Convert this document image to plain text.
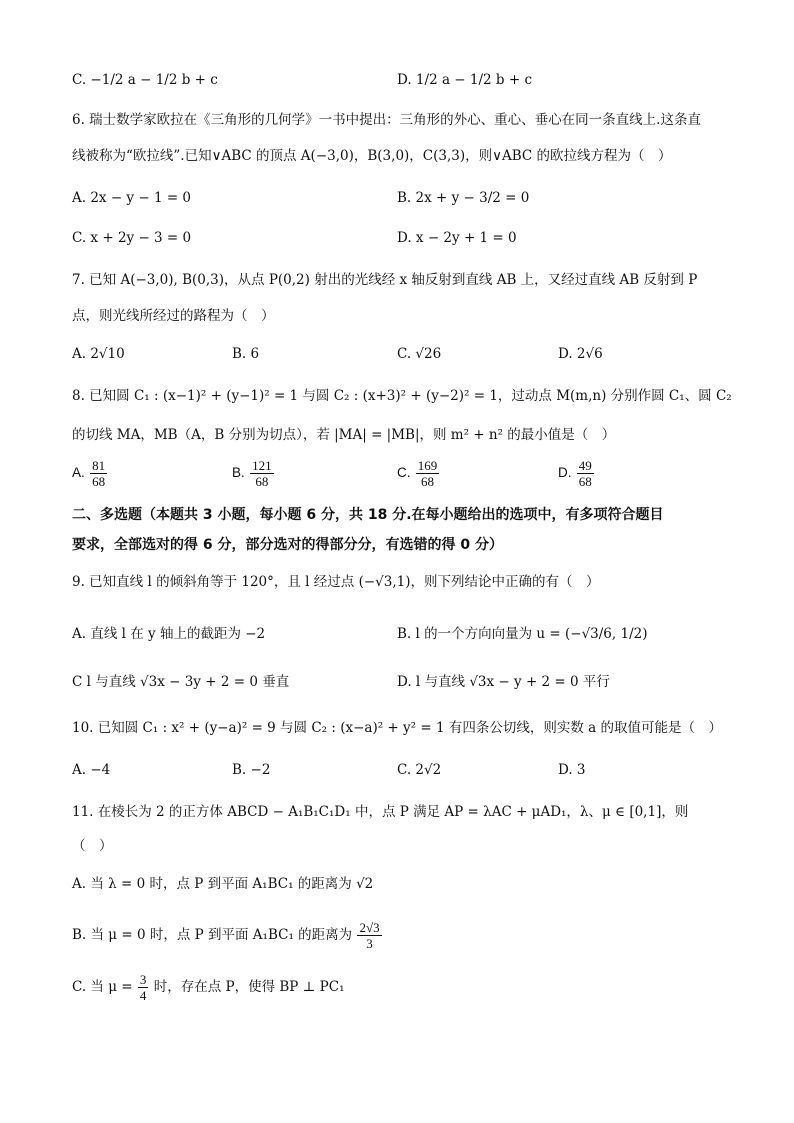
C. −1/2 a − 1/2 b + c	D. 1/2 a − 1/2 b + c
6. 瑞士数学家欧拉在《三角形的几何学》一书中提出：三角形的外心、重心、垂心在同一条直线上.这条直
线被称为“欧拉线”.已知∨ABC 的顶点 A(−3,0)，B(3,0)，C(3,3)，则∨ABC 的欧拉线方程为（　）
A. 2x − y − 1 = 0	B. 2x + y − 3/2 = 0
C. x + 2y − 3 = 0	D. x − 2y + 1 = 0
7. 已知 A(−3,0), B(0,3)，从点 P(0,2) 射出的光线经 x 轴反射到直线 AB 上，又经过直线 AB 反射到 P
点，则光线所经过的路程为（　）
A. 2√10	B. 6	C. √26	D. 2√6
8. 已知圆 C₁ : (x−1)² + (y−1)² = 1 与圆 C₂ : (x+3)² + (y−2)² = 1，过动点 M(m,n) 分别作圆 C₁、圆 C₂
的切线 MA，MB（A，B 分别为切点），若 |MA| = |MB|，则 m² + n² 的最小值是（　）
A. $\frac{81}{68}$	B. $\frac{121}{68}$	C. $\frac{169}{68}$	D. $\frac{49}{68}$
二、多选题（本题共 3 小题，每小题 6 分，共 18 分.在每小题给出的选项中，有多项符合题目
要求，全部选对的得 6 分，部分选对的得部分分，有选错的得 0 分）
9. 已知直线 l 的倾斜角等于 120°，且 l 经过点 (−√3,1)，则下列结论中正确的有（　）
A. 直线 l 在 y 轴上的截距为 −2	B. l 的一个方向向量为 u = (−√3/6, 1/2)
C l 与直线 √3x − 3y + 2 = 0 垂直	D. l 与直线 √3x − y + 2 = 0 平行
10. 已知圆 C₁ : x² + (y−a)² = 9 与圆 C₂ : (x−a)² + y² = 1 有四条公切线，则实数 a 的取值可能是（　）
A. −4	B. −2	C. 2√2	D. 3
11. 在棱长为 2 的正方体 ABCD − A₁B₁C₁D₁ 中，点 P 满足 AP = λAC + μAD₁，λ、μ ∈ [0,1]，则
（　）
A. 当 λ = 0 时，点 P 到平面 A₁BC₁ 的距离为 √2
B. 当 μ = 0 时，点 P 到平面 A₁BC₁ 的距离为 $\frac{2√3}{3}$
C. 当 $\mu = \frac{3}{4}$ 时，存在点 P，使得 BP ⊥ PC₁
